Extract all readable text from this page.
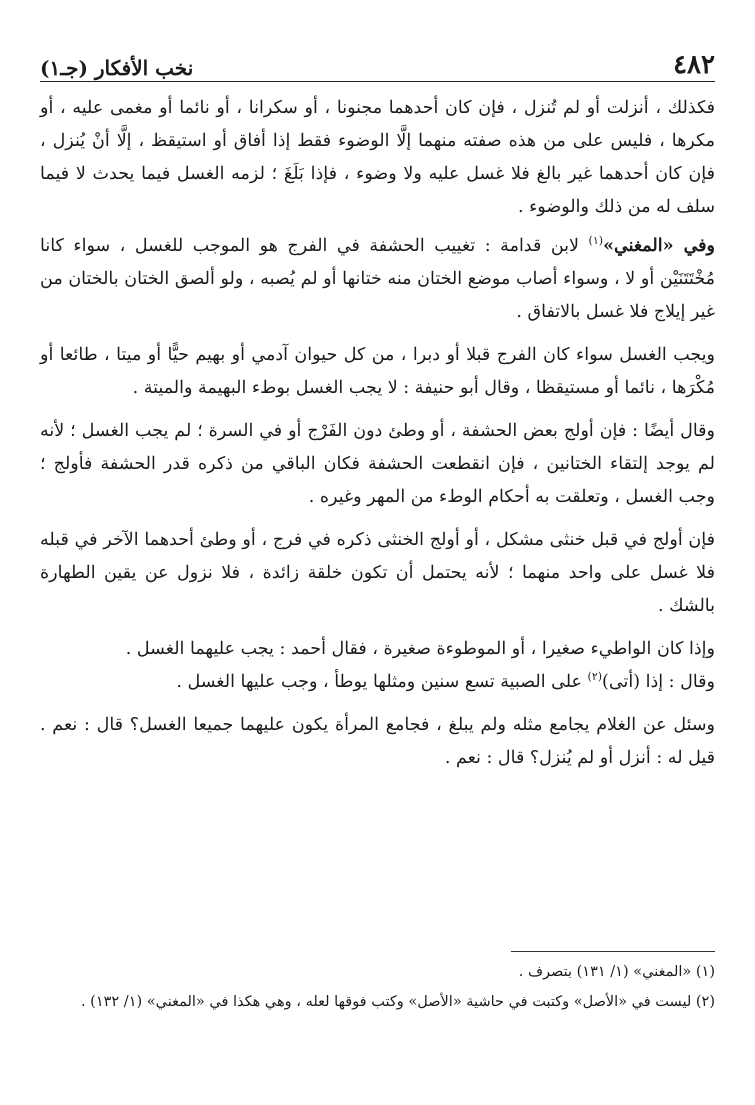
٤٨٢
نخب الأفكار (جـ١)

فكذلك ، أنزلت أو لم تُنزل ، فإن كان أحدهما مجنونا ، أو سكرانا ، أو نائما أو مغمى عليه ، أو مكرها ، فليس على من هذه صفته منهما إلَّا الوضوء فقط إذا أفاق أو استيقظ ، إلَّا أنْ يُنزل ، فإن كان أحدهما غير بالغ فلا غسل عليه ولا وضوء ، فإذا بَلَغَ ؛ لزمه الغسل فيما يحدث لا فيما سلف له من ذلك والوضوء .

وفي «المغني»$^{(١)}$ لابن قدامة : تغييب الحشفة في الفرج هو الموجب للغسل ، سواء كانا مُخْتَتَنَيْن أو لا ، وسواء أصاب موضع الختان منه ختانها أو لم يُصبه ، ولو ألصق الختان بالختان من غير إيلاج فلا غسل بالاتفاق .

ويجب الغسل سواء كان الفرج قبلا أو دبرا ، من كل حيوان آدمي أو بهيم حيًّا أو ميتا ، طائعا أو مُكْرَها ، نائما أو مستيقظا ، وقال أبو حنيفة : لا يجب الغسل بوطء البهيمة والميتة .

وقال أيضًا : فإن أولج بعض الحشفة ، أو وطئ دون الفَرْج أو في السرة ؛ لم يجب الغسل ؛ لأنه لم يوجد إلتقاء الختانين ، فإن انقطعت الحشفة فكان الباقي من ذكره قدر الحشفة فأولج ؛ وجب الغسل ، وتعلقت به أحكام الوطء من المهر وغيره .

فإن أولج في قبل خنثى مشكل ، أو أولج الخنثى ذكره في فرج ، أو وطئ أحدهما الآخر في قبله فلا غسل على واحد منهما ؛ لأنه يحتمل أن تكون خلقة زائدة ، فلا نزول عن يقين الطهارة بالشك .

وإذا كان الواطيء صغيرا ، أو الموطوءة صغيرة ، فقال أحمد : يجب عليهما الغسل .

وقال : إذا (أتى)$^{(٢)}$ على الصبية تسع سنين ومثلها يوطأ ، وجب عليها الغسل .

وسئل عن الغلام يجامع مثله ولم يبلغ ، فجامع المرأة يكون عليهما جميعا الغسل؟ قال : نعم . قيل له : أنزل أو لم يُنزل؟ قال : نعم .

(١) «المغني» (١/ ١٣١) بتصرف .

(٢) ليست في «الأصل» وكتبت في حاشية «الأصل» وكتب فوقها لعله ، وهي هكذا في «المغني» (١/ ١٣٢) .
